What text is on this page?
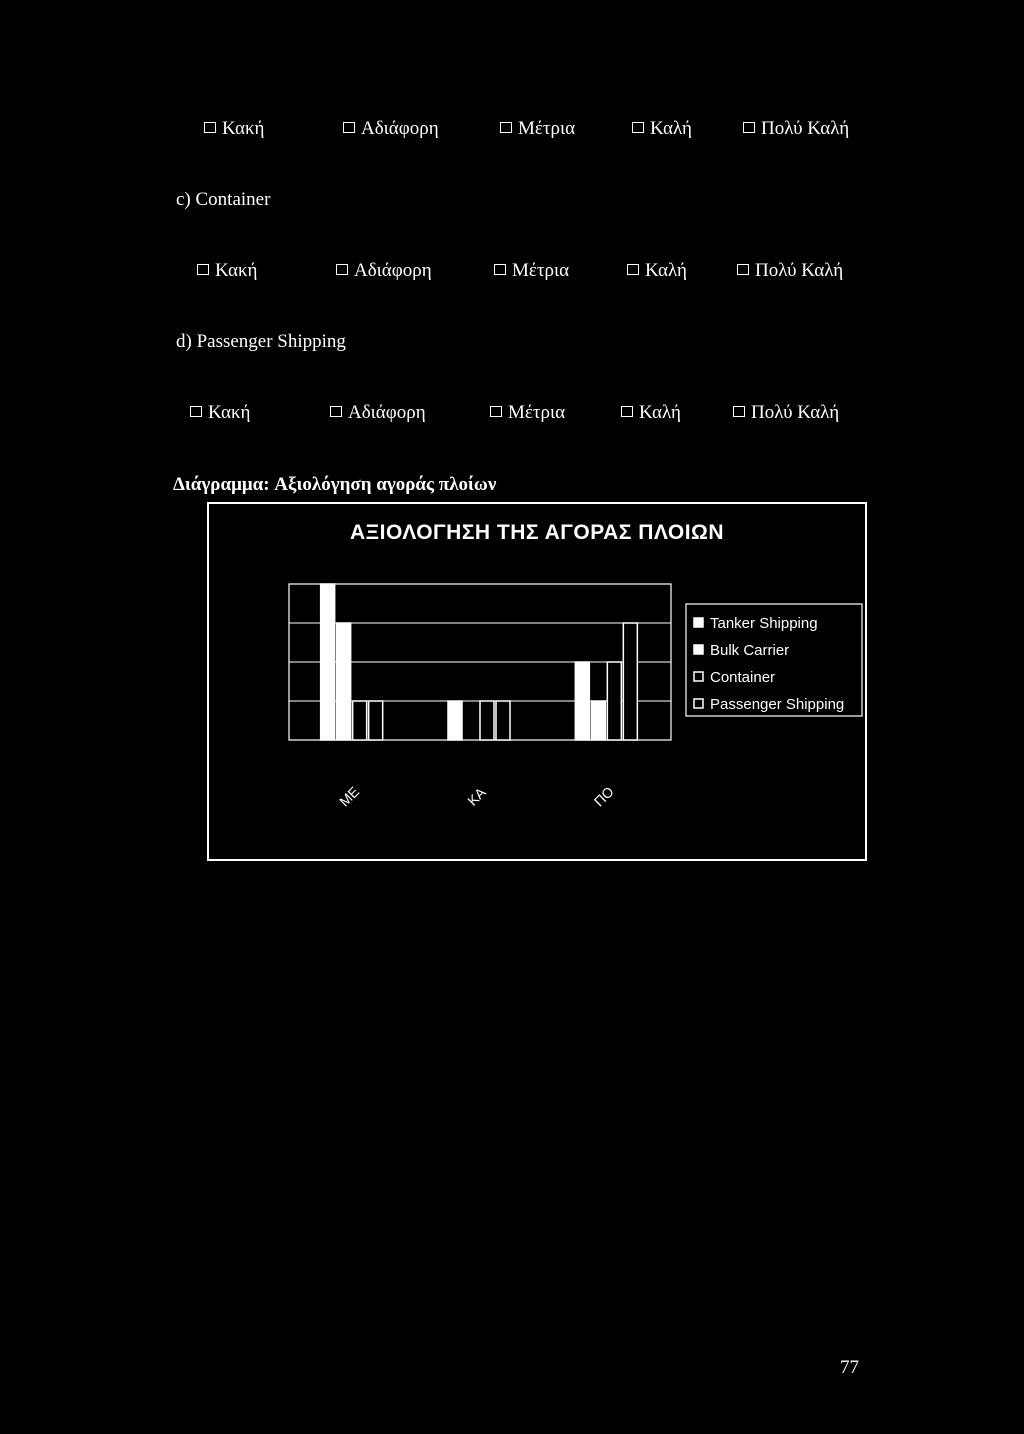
Κακή	Αδιάφορη	Μέτρια	Καλή	Πολύ Καλή
c) Container
Κακή	Αδιάφορη	Μέτρια	Καλή	Πολύ Καλή
d) Passenger Shipping
Κακή	Αδιάφορη	Μέτρια	Καλή	Πολύ Καλή
Διάγραμμα: Αξιολόγηση αγοράς πλοίων
ΑΞΙΟΛΟΓΗΣΗ ΤΗΣ ΑΓΟΡΑΣ ΠΛΟΙΩΝ
ΜΕ	ΚΑ	ΠΟ
Tanker Shipping
Bulk Carrier
Container
Passenger Shipping
77
